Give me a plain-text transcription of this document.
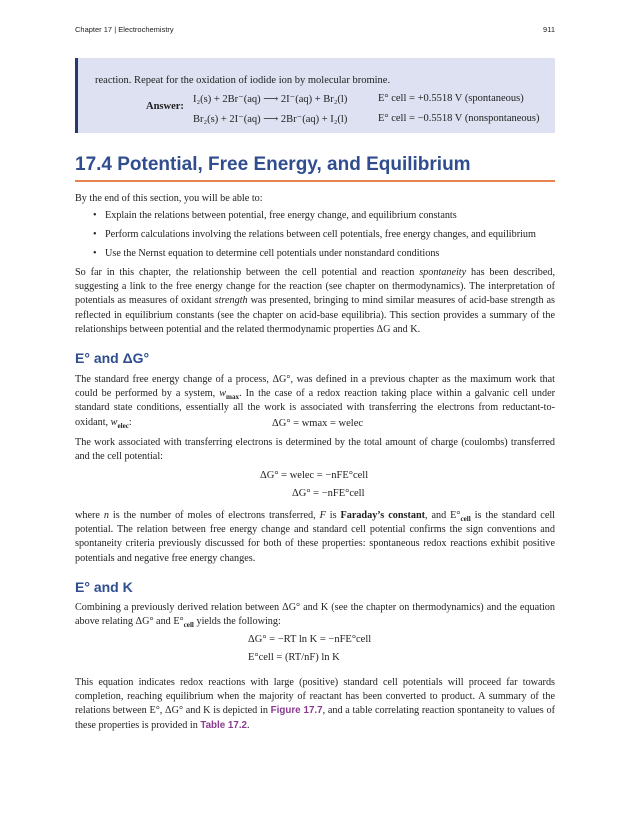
Chapter 17 | Electrochemistry	911
reaction. Repeat for the oxidation of iodide ion by molecular bromine.
Answer:
I₂(s) + 2Br⁻(aq) ⟶ 2I⁻(aq) + Br₂(l)	E° cell = +0.5518 V (spontaneous)
Br₂(s) + 2I⁻(aq) ⟶ 2Br⁻(aq) + I₂(l)	E° cell = −0.5518 V (nonspontaneous)
17.4 Potential, Free Energy, and Equilibrium
By the end of this section, you will be able to:
• Explain the relations between potential, free energy change, and equilibrium constants
• Perform calculations involving the relations between cell potentials, free energy changes, and equilibrium
• Use the Nernst equation to determine cell potentials under nonstandard conditions
So far in this chapter, the relationship between the cell potential and reaction spontaneity has been described, suggesting a link to the free energy change for the reaction (see chapter on thermodynamics). The interpretation of potentials as measures of oxidant strength was presented, bringing to mind similar measures of acid-base strength as reflected in equilibrium constants (see the chapter on acid-base equilibria). This section provides a summary of the relationships between potential and the related thermodynamic properties ΔG and K.
E° and ΔG°
The standard free energy change of a process, ΔG°, was defined in a previous chapter as the maximum work that could be performed by a system, $w_{max}$. In the case of a redox reaction taking place within a galvanic cell under standard state conditions, essentially all the work is associated with transferring the electrons from reductant-to-oxidant, $w_{elec}$:	ΔG° = wmax = welec
The work associated with transferring electrons is determined by the total amount of charge (coulombs) transferred and the cell potential:
ΔG° = welec = −nFE°cell
ΔG° = −nFE°cell
where n is the number of moles of electrons transferred, F is Faraday’s constant, and $E^\circ_{cell}$ is the standard cell potential. The relation between free energy change and standard cell potential confirms the sign conventions and spontaneity criteria previously discussed for both of these properties: spontaneous redox reactions exhibit positive potentials and negative free energy changes.
E° and K
Combining a previously derived relation between ΔG° and K (see the chapter on thermodynamics) and the equation above relating ΔG° and $E^\circ_{cell}$ yields the following:
ΔG° = −RT ln K = −nFE°cell
E°cell = (RT/nF) ln K
This equation indicates redox reactions with large (positive) standard cell potentials will proceed far towards completion, reaching equilibrium when the majority of reactant has been converted to product. A summary of the relations between E°, ΔG° and K is depicted in Figure 17.7, and a table correlating reaction spontaneity to values of these properties is provided in Table 17.2.
